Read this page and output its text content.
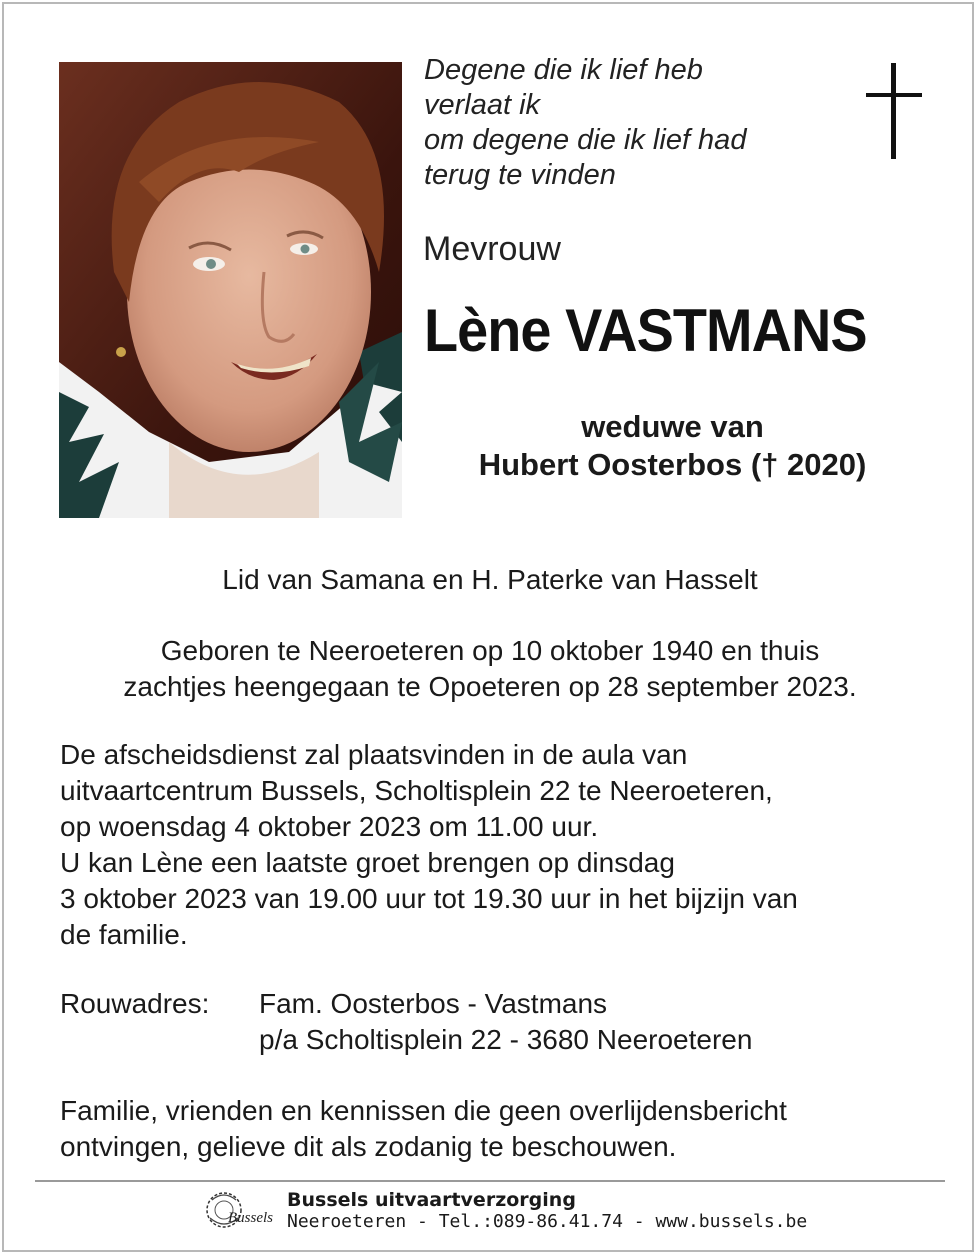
Degene die ik lief heb
verlaat ik
om degene die ik lief had
terug te vinden
Mevrouw
Lène VASTMANS
weduwe van
Hubert Oosterbos († 2020)
Lid van Samana en H. Paterke van Hasselt
Geboren te Neeroeteren op 10 oktober 1940 en thuis
zachtjes heengegaan te Opoeteren op 28 september 2023.
De afscheidsdienst zal plaatsvinden in de aula van
uitvaartcentrum Bussels, Scholtisplein 22 te Neeroeteren,
op woensdag 4 oktober 2023 om 11.00 uur.
U kan Lène een laatste groet brengen op dinsdag
3 oktober 2023 van 19.00 uur tot 19.30 uur in het bijzijn van
de familie.
Rouwadres: Fam. Oosterbos - Vastmans
p/a Scholtisplein 22 - 3680 Neeroeteren
Familie, vrienden en kennissen die geen overlijdensbericht
ontvingen, gelieve dit als zodanig te beschouwen.
Bussels
Bussels uitvaartverzorging
Neeroeteren - Tel.:089-86.41.74 - www.bussels.be
